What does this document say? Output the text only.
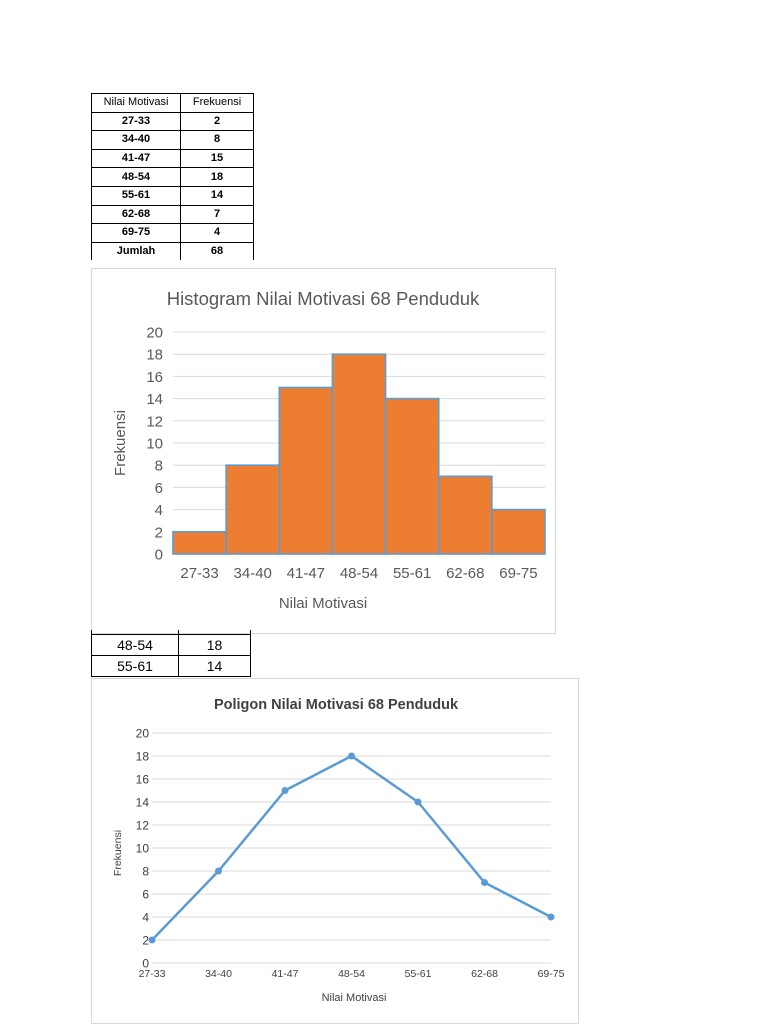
Nilai Motivasi	Frekuensi
27-33	2
34-40	8
41-47	15
48-54	18
55-61	14
62-68	7
69-75	4
Jumlah	68
Histogram Nilai Motivasi 68 Penduduk
0
2
4
6
8
10
12
14
16
18
20
27-33 34-40 41-47 48-54 55-61 62-68 69-75
Nilai Motivasi
Frekuensi

48-54	18
55-61	14
Poligon Nilai Motivasi 68 Penduduk
0
2
4
6
8
10
12
14
16
18
20
27-33	34-40	41-47	48-54	55-61	62-68	69-75
Nilai Motivasi
Frekuensi
